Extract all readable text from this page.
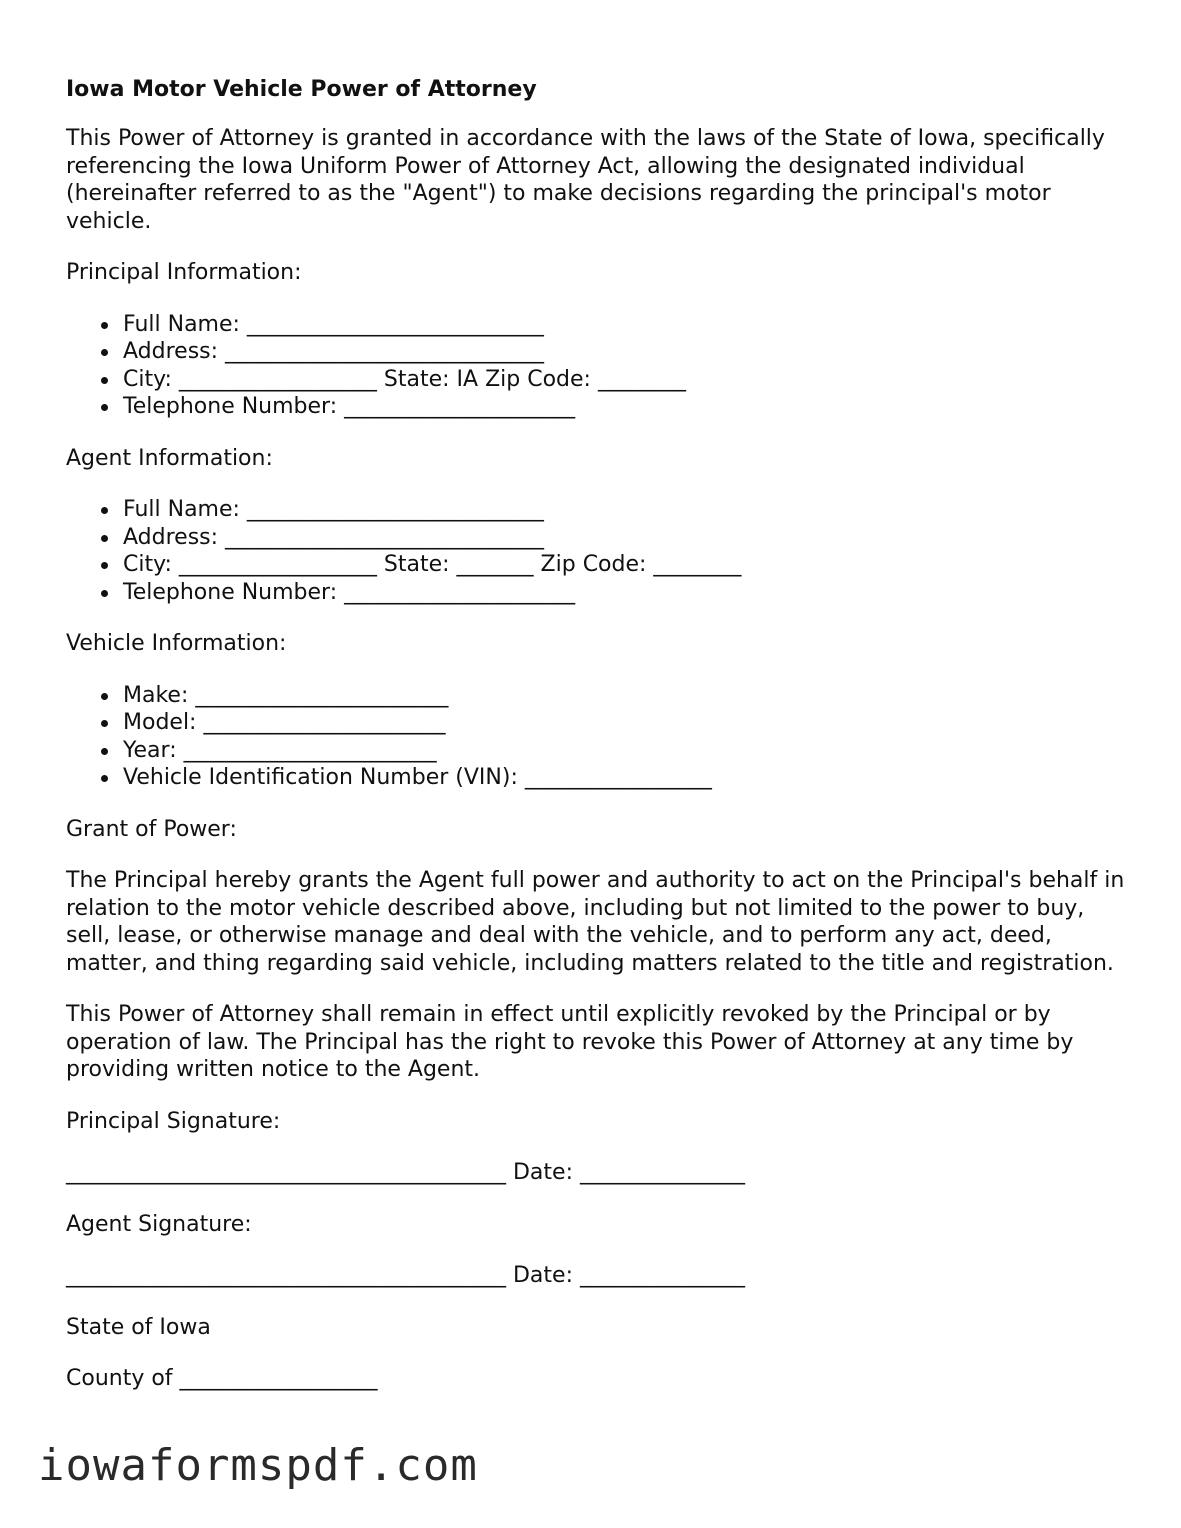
Iowa Motor Vehicle Power of Attorney

This Power of Attorney is granted in accordance with the laws of the State of Iowa, specifically referencing the Iowa Uniform Power of Attorney Act, allowing the designated individual (hereinafter referred to as the "Agent") to make decisions regarding the principal's motor vehicle.

Principal Information:

Full Name: ___________________________
Address: _____________________________
City: __________________ State: IA Zip Code: ________
Telephone Number: _____________________

Agent Information:

Full Name: ___________________________
Address: _____________________________
City: __________________ State: _______ Zip Code: ________
Telephone Number: _____________________

Vehicle Information:

Make: _______________________
Model: ______________________
Year: _______________________
Vehicle Identification Number (VIN): _________________

Grant of Power:

The Principal hereby grants the Agent full power and authority to act on the Principal's behalf in relation to the motor vehicle described above, including but not limited to the power to buy, sell, lease, or otherwise manage and deal with the vehicle, and to perform any act, deed, matter, and thing regarding said vehicle, including matters related to the title and registration.

This Power of Attorney shall remain in effect until explicitly revoked by the Principal or by operation of law. The Principal has the right to revoke this Power of Attorney at any time by providing written notice to the Agent.

Principal Signature:

________________________________________ Date: _______________

Agent Signature:

________________________________________ Date: _______________

State of Iowa

County of __________________

iowaformspdf.com
